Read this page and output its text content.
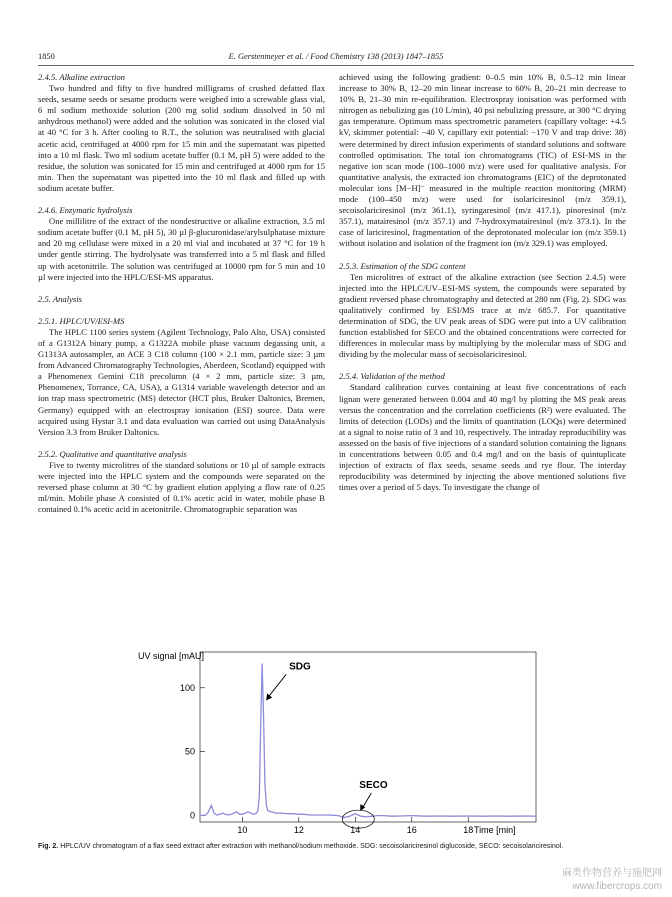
1850	E. Gerstenmeyer et al. / Food Chemistry 138 (2013) 1847–1855
2.4.5. Alkaline extraction

Two hundred and fifty to five hundred milligrams of crushed defatted flax seeds, sesame seeds or sesame products were weighed into a screwable glass vial, 6 ml sodium methoxide solution (200 mg solid sodium dissolved in 50 ml anhydrous methanol) were added and the solution was sonicated in the closed vial at 40 °C for 3 h. After cooling to R.T., the solution was neutralised with glacial acetic acid, centrifuged at 4000 rpm for 15 min and the supernatant was pipetted into a 10 ml flask. Two ml sodium acetate buffer (0.1 M, pH 5) were added to the residue, the solution was sonicated for 15 min and centrifuged at 4000 rpm for 15 min. Then the supernatant was pipetted into the 10 ml flask and filled up with sodium acetate buffer.

2.4.6. Enzymatic hydrolysis

One millilitre of the extract of the nondestructive or alkaline extraction, 3.5 ml sodium acetate buffer (0.1 M, pH 5), 30 µl β-glucuronidase/arylsulphatase mixture and 20 mg cellulase were mixed in a 20 ml vial and incubated at 37 °C for 19 h under gentle stirring. The hydrolysate was transferred into a 5 ml flask and filled up with acetonitrile. The solution was centrifuged at 10000 rpm for 5 min and 10 µl were injected into the HPLC/ESI-MS apparatus.

2.5. Analysis
2.5.1. HPLC/UV/ESI-MS

The HPLC 1100 series system (Agilent Technology, Palo Alto, USA) consisted of a G1312A binary pump, a G1322A mobile phase vacuum degassing unit, a G1313A autosampler, an ACE 3 C18 column (100 × 2.1 mm, particle size: 3 µm from Advanced Chromatography Technologies, Aberdeen, Scotland) equipped with a Phenomenex Gemini C18 precolumn (4 × 2 mm, particle size: 3 µm, Phenomenex, Torrance, CA, USA), a G1314 variable wavelength detector and an ion trap mass spectrometric (MS) detector (HCT plus, Bruker Daltonics, Bremen, Germany) equipped with an electrospray ionisation (ESI) source. Data were acquired using Hystar 3.1 and data evaluation was carried out using DataAnalysis Version 3.3 from Bruker Daltonics.

2.5.2. Qualitative and quantitative analysis

Five to twenty microlitres of the standard solutions or 10 µl of sample extracts were injected into the HPLC system and the compounds were separated on the reversed phase column at 30 °C by gradient elution applying a flow rate of 0.25 ml/min. Mobile phase A consisted of 0.1% acetic acid in water, mobile phase B contained 0.1% acetic acid in acetonitrile. Chromatographic separation was

achieved using the following gradient: 0–0.5 min 10% B, 0.5–12 min linear increase to 30% B, 12–20 min linear increase to 60% B, 20–21 min decrease to 10% B, 21–30 min re-equilibration. Electrospray ionisation was performed with nitrogen as nebulizing gas (10 L/min), 40 psi nebulizing pressure, at 300 °C drying gas temperature. Optimum mass spectrometric parameters (capillary voltage: +4.5 kV, skimmer potential: −40 V, capillary exit potential: −170 V and trap drive: 38) were determined by direct infusion experiments of standard solutions and software controlled optimisation. The total ion chromatograms (TIC) of ESI-MS in the negative ion scan mode (100–1000 m/z) were used for qualitative analysis. For quantitative analysis, the extracted ion chromatograms (EIC) of the deprotonated molecular ions [M−H]⁻ measured in the multiple reaction monitoring (MRM) mode (100–450 m/z) were used for isolariciresinol (m/z 359.1), secoisolariciresinol (m/z 361.1), syringaresinol (m/z 417.1), pinoresinol (m/z 357.1), matairesinol (m/z 357.1) and 7-hydroxymatairesinol (m/z 373.1). In the case of lariciresinol, fragmentation of the deprotonated molecular ion (m/z 359.1) without isolation and isolation of the fragment ion (m/z 329.1) was employed.

2.5.3. Estimation of the SDG content

Ten microlitres of extract of the alkaline extraction (see Section 2.4.5) were injected into the HPLC/UV–ESI-MS system, the compounds were separated by gradient reversed phase chromatography and detected at 280 nm (Fig. 2). SDG was qualitatively confirmed by ESI/MS trace at m/z 685.7. For quantitative determination of SDG, the UV peak areas of SDG were put into a UV calibration function established for SECO and the obtained concentrations were corrected for differences in molecular mass by multiplying by the molecular mass of SDG and dividing by the molecular mass of secoisolariciresinol.

2.5.4. Validation of the method

Standard calibration curves containing at least five concentrations of each lignan were generated between 0.004 and 40 mg/l by plotting the MS peak areas versus the concentration and the correlation coefficients (R²) were evaluated. The limits of detection (LODs) and the limits of quantitation (LOQs) were determined at a signal to noise ratio of 3 and 10, respectively. The intraday reproducibility was assessed on the basis of five injections of a standard solution containing the lignans in concentrations between 0.05 and 0.4 mg/l and on the basis of quintuplicate injection of extracts of flax seeds, sesame seeds and rye flour. The interday reproducibility was determined by injecting the above mentioned solutions five times over a period of 5 days. To investigate the change of

UV signal [mAU]
0
50
100
10	12	14	16	18
SDG
SECO
Time [min]
Fig. 2. HPLC/UV chromatogram of a flax seed extract after extraction with methanol/sodium methoxide. SDG: secoisolariciresinol diglucoside, SECO: secoisolariciresinol.
麻类作物营养与施肥网
www.fibercrops.com
